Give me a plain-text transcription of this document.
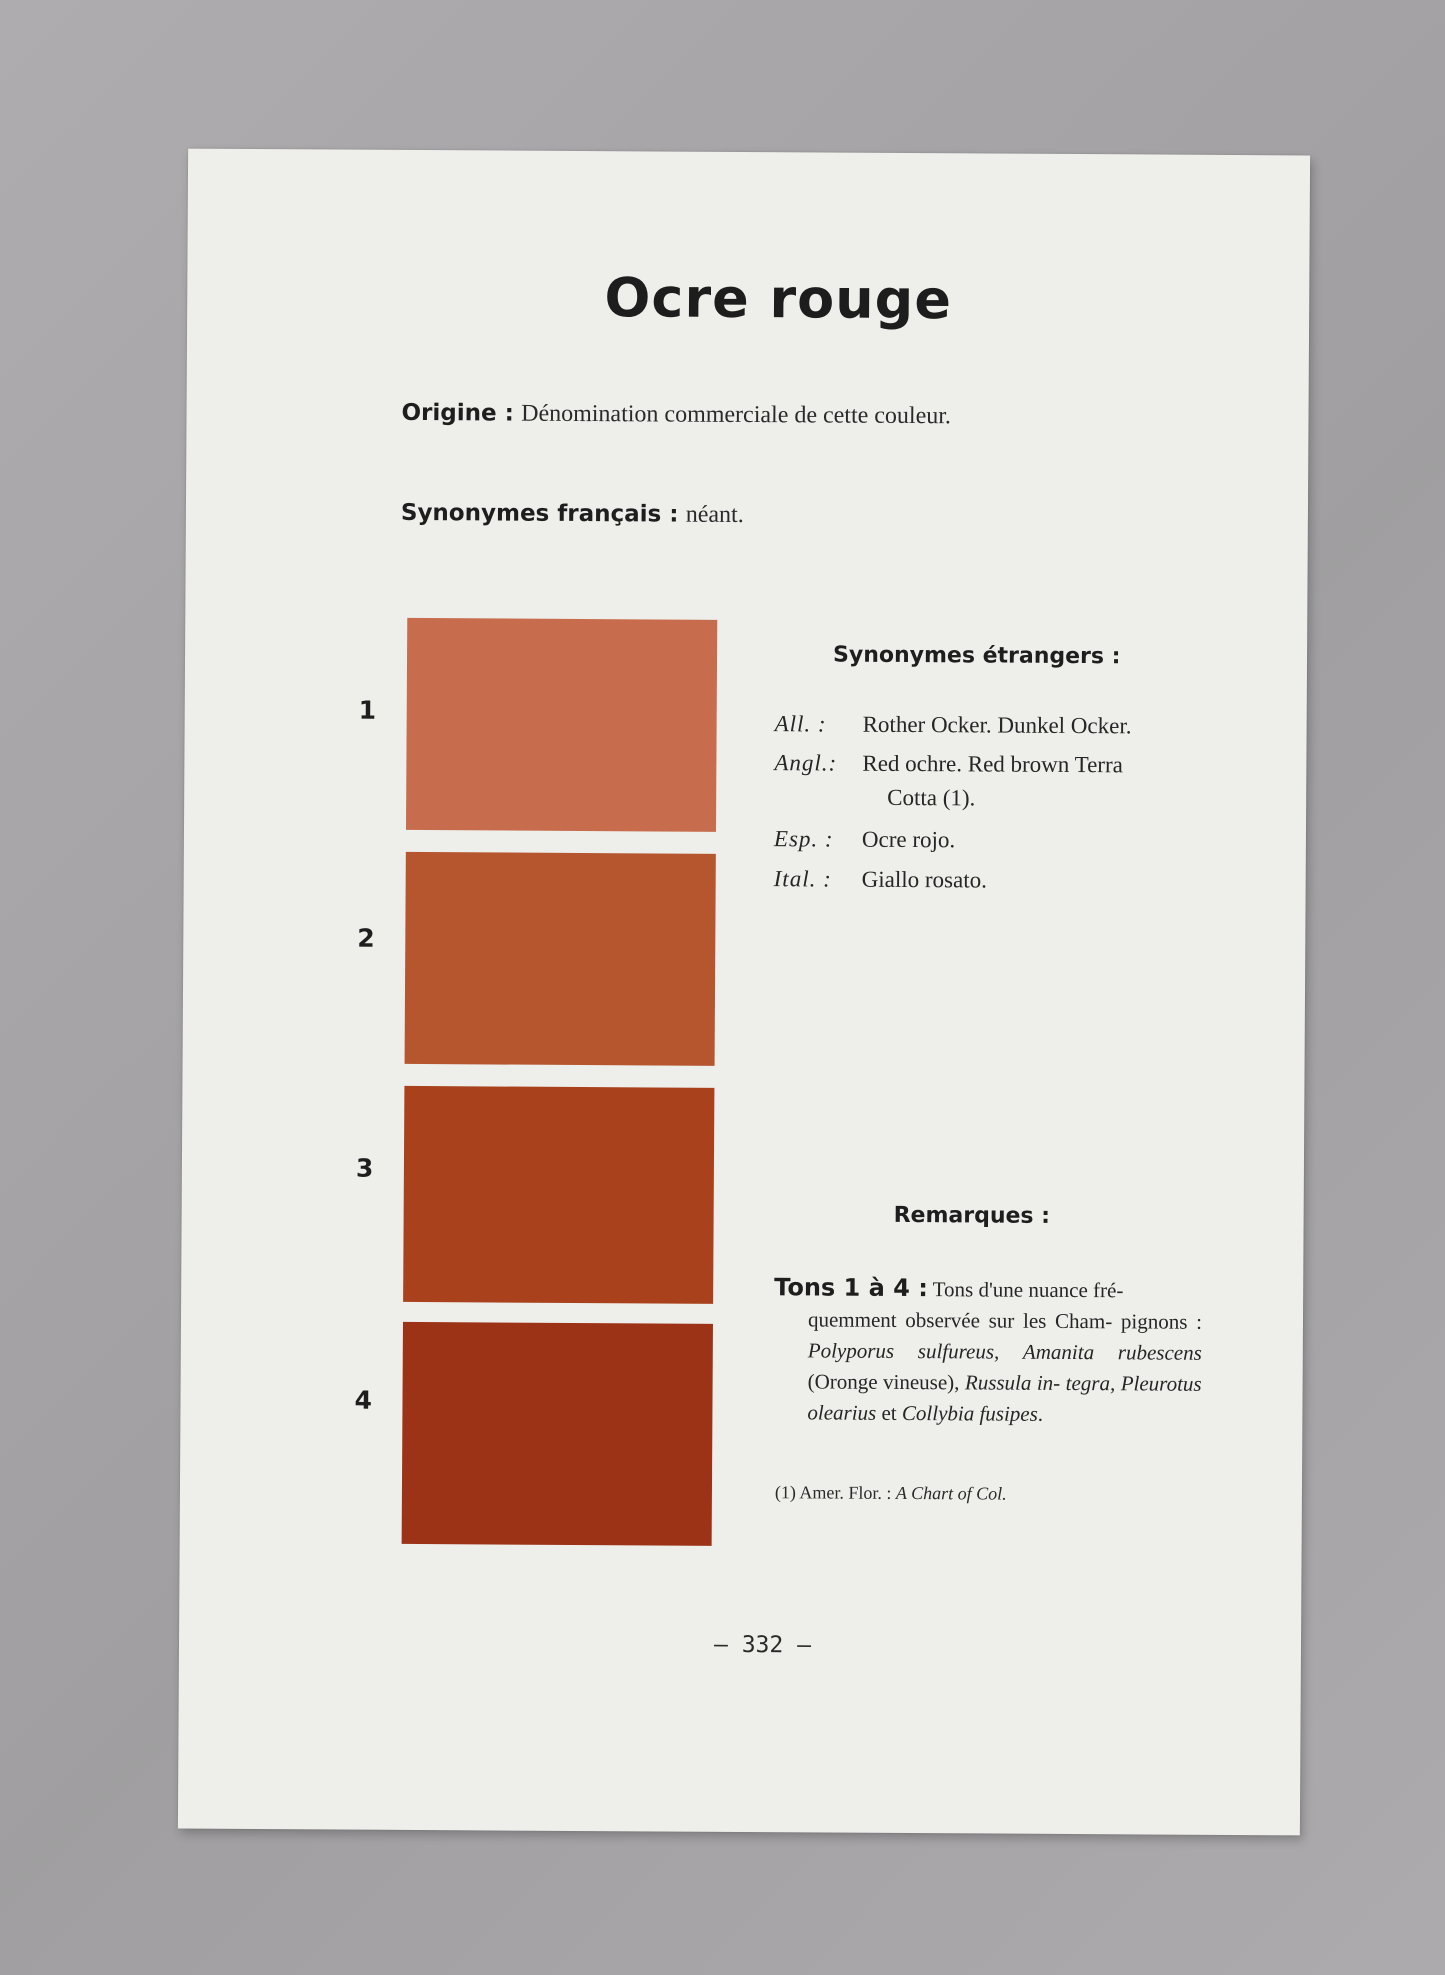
Ocre rouge
Origine : Dénomination commerciale de cette couleur.
Synonymes français : néant.
1
2
3
4
Synonymes étrangers :
All. : Rother Ocker. Dunkel Ocker.
Angl.: Red ochre. Red brown Terra
Cotta (1).
Esp. : Ocre rojo.
Ital. : Giallo rosato.
Remarques :
Tons 1 à 4 : Tons d'une nuance fré-
quemment observée sur les Cham- pignons : Polyporus sulfureus, Amanita rubescens (Oronge vineuse), Russula in- tegra, Pleurotus olearius et Collybia fusipes.
(1) Amer. Flor. : A Chart of Col.
— 332 —
